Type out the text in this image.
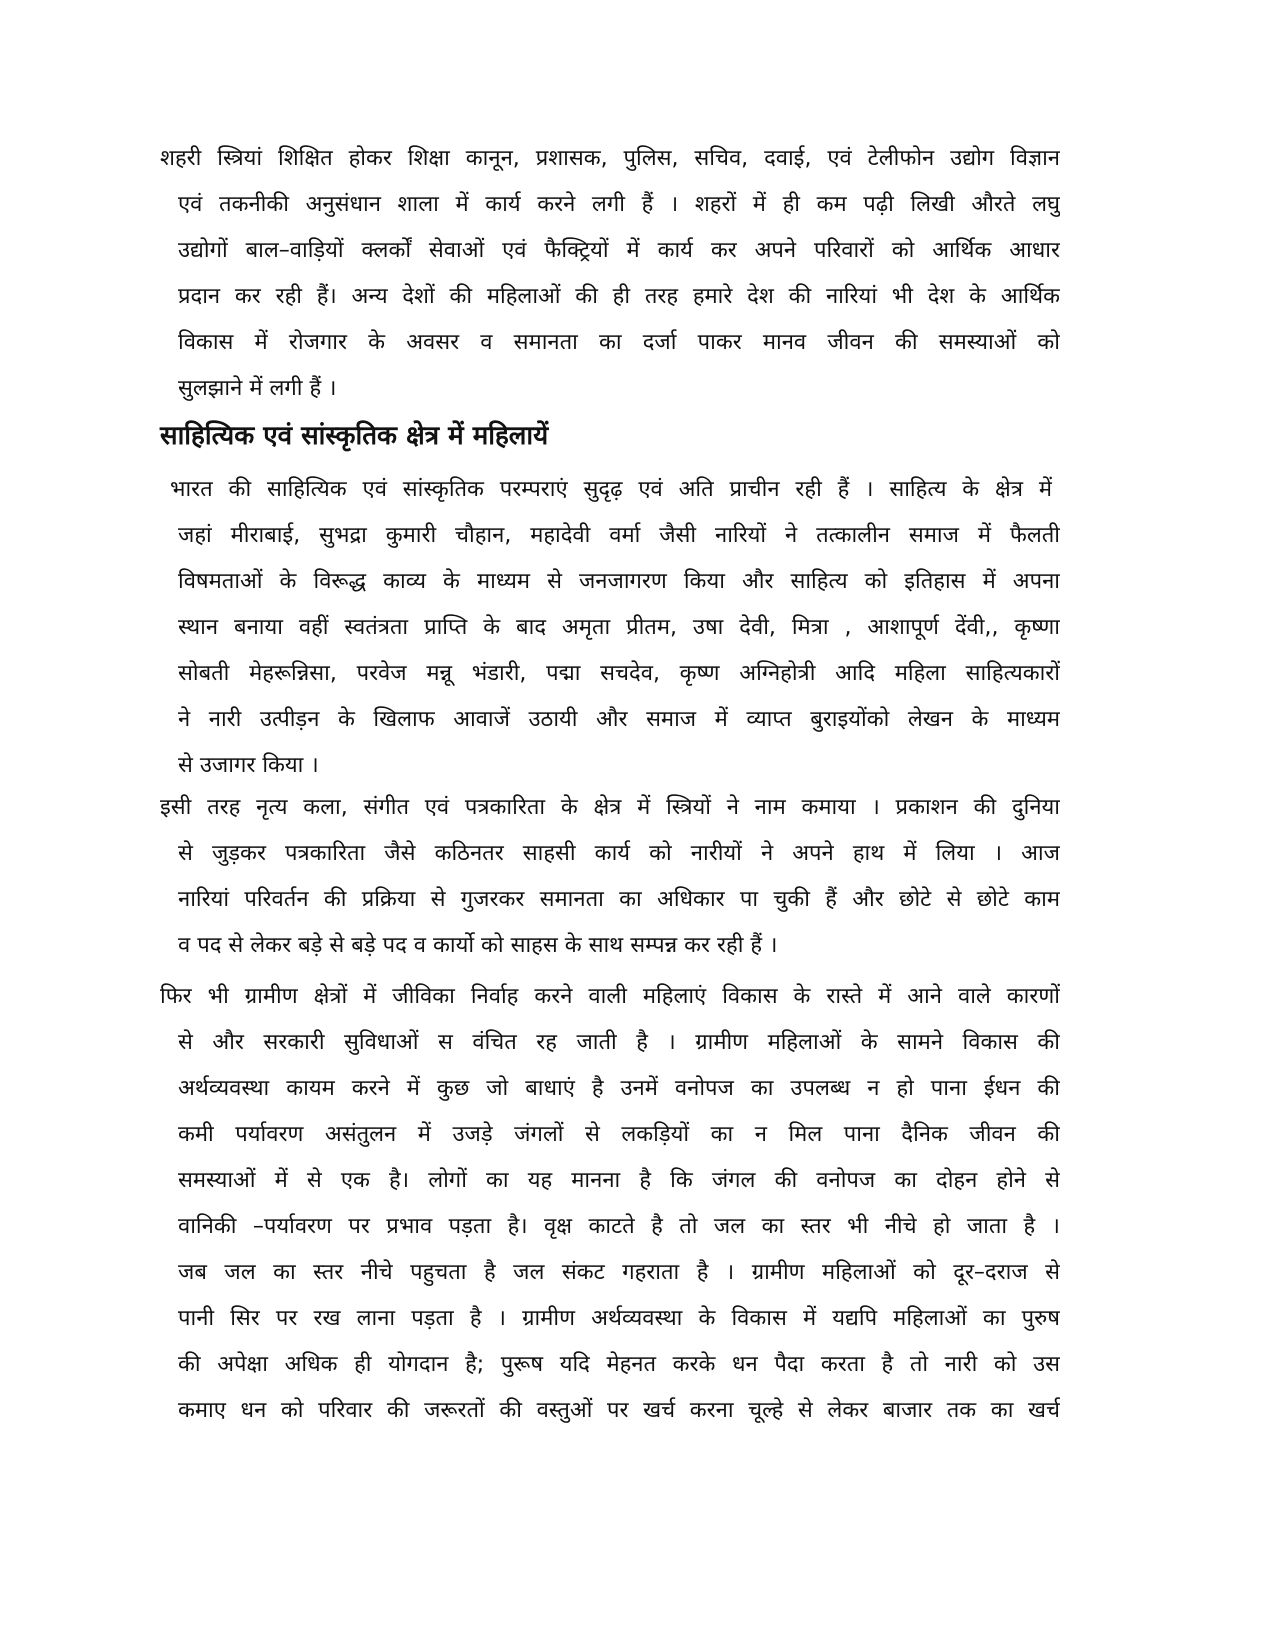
शहरी स्त्रियां शिक्षित होकर शिक्षा कानून, प्रशासक, पुलिस, सचिव, दवाई, एवं टेलीफोन उद्योग विज्ञान
एवं तकनीकी अनुसंधान शाला में कार्य करने लगी हैं । शहरों में ही कम पढ़ी लिखी औरते लघु
उद्योगों बाल–वाड़ियों क्लर्कों सेवाओं एवं फैक्ट्रियों में कार्य कर अपने परिवारों को आर्थिक आधार
प्रदान कर रही हैं। अन्य देशों की महिलाओं की ही तरह हमारे देश की नारियां भी देश के आर्थिक
विकास में रोजगार के अवसर व समानता का दर्जा पाकर मानव जीवन की समस्याओं को
सुलझाने में लगी हैं ।
साहित्यिक एवं सांस्कृतिक क्षेत्र में महिलायें
भारत की साहित्यिक एवं सांस्कृतिक परम्पराएं सुदृढ़ एवं अति प्राचीन रही हैं । साहित्य के क्षेत्र में
जहां मीराबाई, सुभद्रा कुमारी चौहान, महादेवी वर्मा जैसी नारियों ने तत्कालीन समाज में फैलती
विषमताओं के विरूद्ध काव्य के माध्यम से जनजागरण किया और साहित्य को इतिहास में अपना
स्थान बनाया वहीं स्वतंत्रता प्राप्ति के बाद अमृता प्रीतम, उषा देवी, मित्रा , आशापूर्ण देंवी,, कृष्णा
सोबती मेहरून्निसा, परवेज मन्नू भंडारी, पद्मा सचदेव, कृष्ण अग्निहोत्री आदि महिला साहित्यकारों
ने नारी उत्पीड़न के खिलाफ आवाजें उठायी और समाज में व्याप्त बुराइयोंको लेखन के माध्यम
से उजागर किया ।
इसी तरह नृत्य कला, संगीत एवं पत्रकारिता के क्षेत्र में स्त्रियों ने नाम कमाया । प्रकाशन की दुनिया
से जुड़कर पत्रकारिता जैसे कठिनतर साहसी कार्य को नारीयों ने अपने हाथ में लिया । आज
नारियां परिवर्तन की प्रक्रिया से गुजरकर समानता का अधिकार पा चुकी हैं और छोटे से छोटे काम
व पद से लेकर बड़े से बड़े पद व कार्यो को साहस के साथ सम्पन्न कर रही हैं ।
फिर भी ग्रामीण क्षेत्रों में जीविका निर्वाह करने वाली महिलाएं विकास के रास्ते में आने वाले कारणों
से और सरकारी सुविधाओं स वंचित रह जाती है । ग्रामीण महिलाओं के सामने विकास की
अर्थव्यवस्था कायम करने में कुछ जो बाधाएं है उनमें वनोपज का उपलब्ध न हो पाना ईधन की
कमी पर्यावरण असंतुलन में उजड़े जंगलों से लकड़ियों का न मिल पाना दैनिक जीवन की
समस्याओं में से एक है। लोगों का यह मानना है कि जंगल की वनोपज का दोहन होने से
वानिकी –पर्यावरण पर प्रभाव पड़ता है। वृक्ष काटते है तो जल का स्तर भी नीचे हो जाता है ।
जब जल का स्तर नीचे पहुचता है जल संकट गहराता है । ग्रामीण महिलाओं को दूर–दराज से
पानी सिर पर रख लाना पड़ता है । ग्रामीण अर्थव्यवस्था के विकास में यद्यपि महिलाओं का पुरुष
की अपेक्षा अधिक ही योगदान है; पुरूष यदि मेहनत करके धन पैदा करता है तो नारी को उस
कमाए धन को परिवार की जरूरतों की वस्तुओं पर खर्च करना चूल्हे से लेकर बाजार तक का खर्च
